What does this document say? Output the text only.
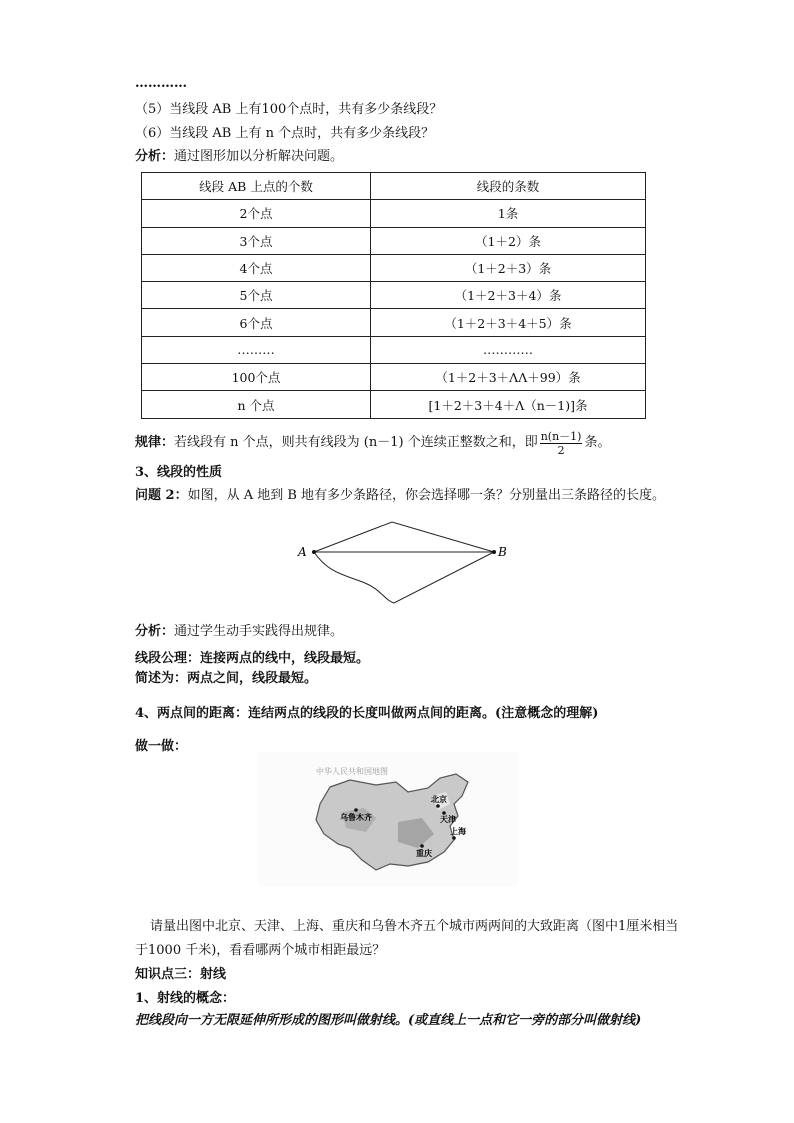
…………
（5）当线段 AB 上有100个点时，共有多少条线段？
（6）当线段 AB 上有 n 个点时，共有多少条线段？
分析：通过图形加以分析解决问题。
线段 AB 上点的个数	线段的条数
2个点	1条
3个点	（1＋2）条
4个点	（1＋2＋3）条
5个点	（1＋2＋3＋4）条
6个点	（1＋2＋3＋4＋5）条
………	…………
100个点	（1＋2＋3＋ΛΛ＋99）条
n 个点	[1＋2＋3＋4＋Λ（n－1)]条
规律： 若线段有 n 个点，则共有线段为 (n－1) 个连续正整数之和，即 $\frac{n(n-1)}{2}$ 条。
3、线段的性质
问题 2：如图，从 A 地到 B 地有多少条路径，你会选择哪一条？分别量出三条路径的长度。
A	B
分析：通过学生动手实践得出规律。
线段公理：连接两点的线中，线段最短。
简述为：两点之间，线段最短。
4、两点间的距离：连结两点的线段的长度叫做两点间的距离。(注意概念的理解)
做一做：
中华人民共和国地图
北京
天津
乌鲁木齐
上海
重庆
请量出图中北京、天津、上海、重庆和乌鲁木齐五个城市两两间的大致距离（图中1厘米相当
于1000 千米)，看看哪两个城市相距最远？
知识点三：射线
1、射线的概念：
把线段向一方无限延伸所形成的图形叫做射线。(或直线上一点和它一旁的部分叫做射线)
